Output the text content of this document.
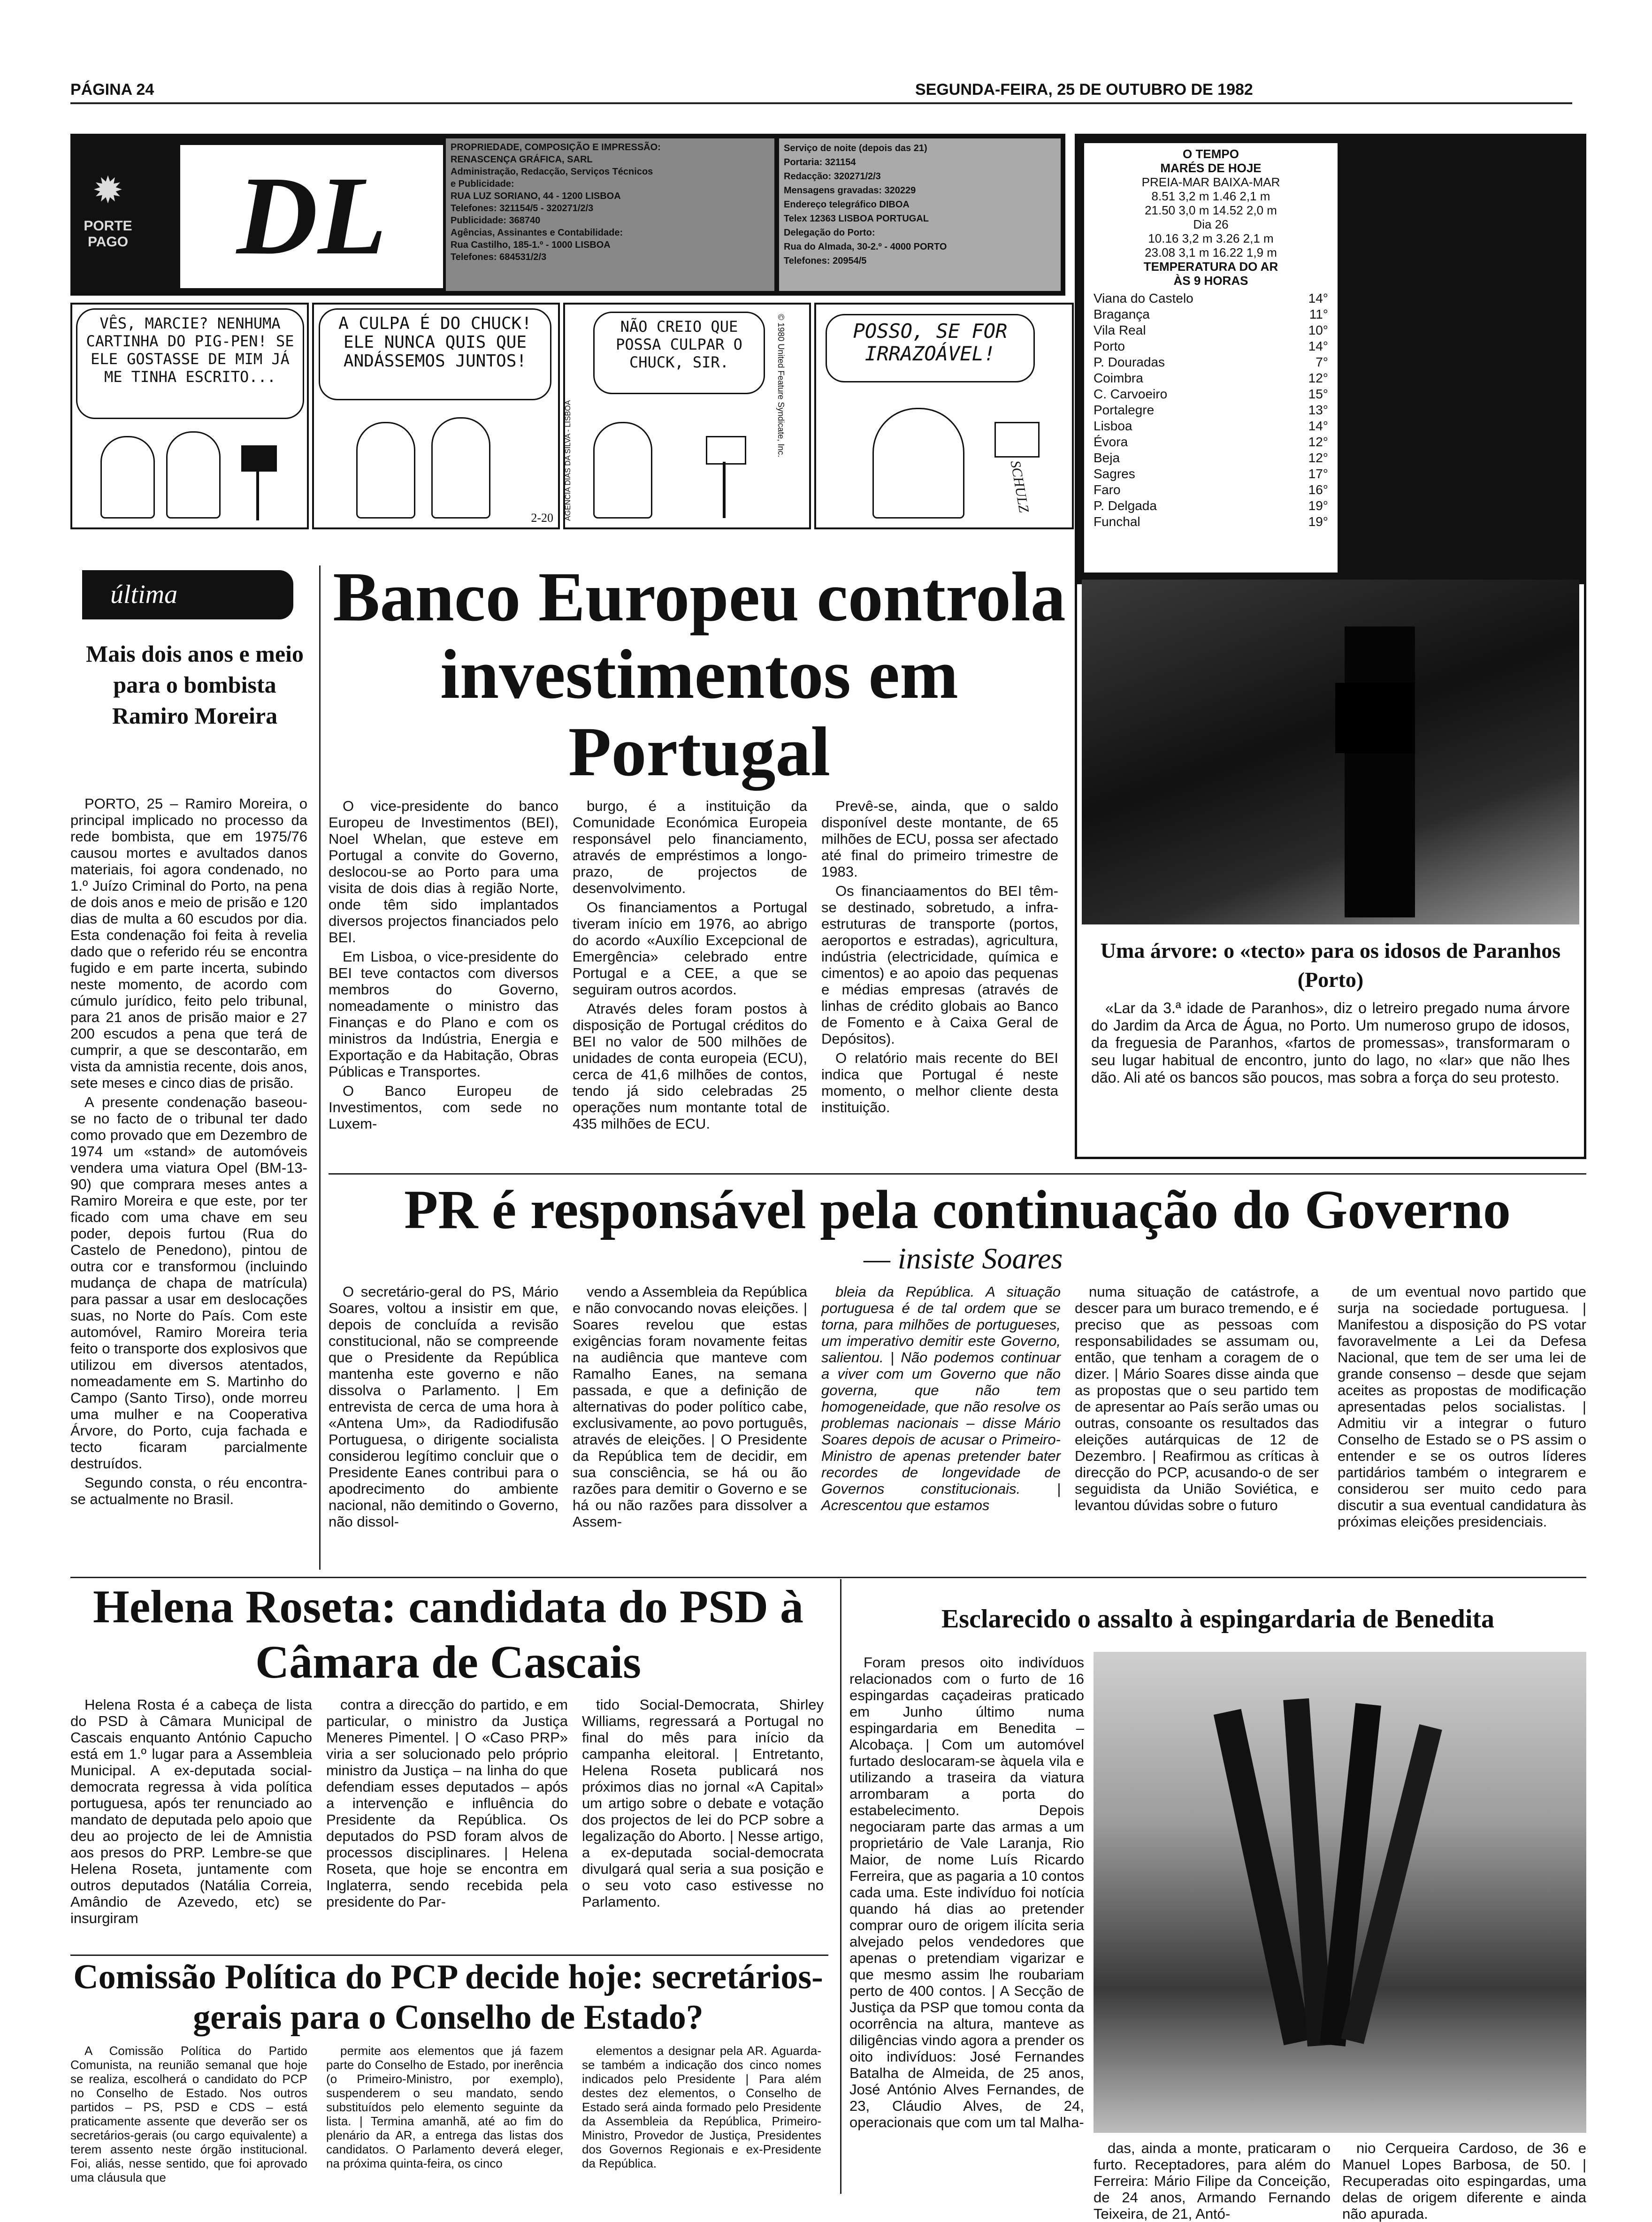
PÁGINA 24	SEGUNDA-FEIRA, 25 DE OUTUBRO DE 1982
✹
PORTE PAGO DL
PROPRIEDADE, COMPOSIÇÃO E IMPRESSÃO:
RENASCENÇA GRÁFICA, SARL
Administração, Redacção, Serviços Técnicos
e Publicidade:
RUA LUZ SORIANO, 44 - 1200 LISBOA
Telefones: 321154/5 - 320271/2/3
Publicidade: 368740
Agências, Assinantes e Contabilidade:
Rua Castilho, 185-1.º - 1000 LISBOA
Telefones: 684531/2/3
Serviço de noite (depois das 21)
Portaria: 321154
Redacção: 320271/2/3
Mensagens gravadas: 320229
Endereço telegráfico DIBOA
Telex 12363 LISBOA PORTUGAL
Delegação do Porto:
Rua do Almada, 30-2.º - 4000 PORTO
Telefones: 20954/5
VÊS, MARCIE? NENHUMA CARTINHA DO PIG-PEN! SE ELE GOSTASSE DE MIM JÁ ME TINHA ESCRITO...
A CULPA É DO CHUCK! ELE NUNCA QUIS QUE ANDÁSSEMOS JUNTOS!
2-20
NÃO CREIO QUE POSSA CULPAR O CHUCK, SIR.	© 1980 United Feature Syndicate, Inc.
AGÊNCIA DIAS DA SILVA - LISBOA
POSSO, SE FOR IRRAZOÁVEL!
SCHULZ
O TEMPO
MARÉS DE HOJE
PREIA-MAR BAIXA-MAR
8.51 3,2 m 1.46 2,1 m
21.50 3,0 m 14.52 2,0 m
Dia 26
10.16 3,2 m 3.26 2,1 m
23.08 3,1 m 16.22 1,9 m
TEMPERATURA DO AR
ÀS 9 HORAS
Viana do Castelo	14°
Bragança	11°
Vila Real	10°
Porto	14°
P. Douradas	7°
Coimbra	12°
C. Carvoeiro	15°
Portalegre	13°
Lisboa	14°
Évora	12°
Beja	12°
Sagres	17°
Faro	16°
P. Delgada	19°
Funchal	19°
última
Mais dois anos e meio para o bombista Ramiro Moreira

PORTO, 25 – Ramiro Moreira, o principal implicado no processo da rede bombista, que em 1975/76 causou mortes e avultados danos materiais, foi agora condenado, no 1.º Juízo Criminal do Porto, na pena de dois anos e meio de prisão e 120 dias de multa a 60 escudos por dia. Esta condenação foi feita à revelia dado que o referido réu se encontra fugido e em parte incerta, subindo neste momento, de acordo com cúmulo jurídico, feito pelo tribunal, para 21 anos de prisão maior e 27 200 escudos a pena que terá de cumprir, a que se descontarão, em vista da amnistia recente, dois anos, sete meses e cinco dias de prisão.

A presente condenação baseou-se no facto de o tribunal ter dado como provado que em Dezembro de 1974 um «stand» de automóveis vendera uma viatura Opel (BM-13-90) que comprara meses antes a Ramiro Moreira e que este, por ter ficado com uma chave em seu poder, depois furtou (Rua do Castelo de Penedono), pintou de outra cor e transformou (incluindo mudança de chapa de matrícula) para passar a usar em deslocações suas, no Norte do País. Com este automóvel, Ramiro Moreira teria feito o transporte dos explosivos que utilizou em diversos atentados, nomeadamente em S. Martinho do Campo (Santo Tirso), onde morreu uma mulher e na Cooperativa Árvore, do Porto, cuja fachada e tecto ficaram parcialmente destruídos.

Segundo consta, o réu encontra-se actualmente no Brasil.

Banco Europeu controla investimentos em Portugal

O vice-presidente do banco Europeu de Investimentos (BEI), Noel Whelan, que esteve em Portugal a convite do Governo, deslocou-se ao Porto para uma visita de dois dias à região Norte, onde têm sido implantados diversos projectos financiados pelo BEI.

Em Lisboa, o vice-presidente do BEI teve contactos com diversos membros do Governo, nomeadamente o ministro das Finanças e do Plano e com os ministros da Indústria, Energia e Exportação e da Habitação, Obras Públicas e Transportes.

O Banco Europeu de Investimentos, com sede no Luxem-

burgo, é a instituição da Comunidade Económica Europeia responsável pelo financiamento, através de empréstimos a longo-prazo, de projectos de desenvolvimento.

Os financiamentos a Portugal tiveram início em 1976, ao abrigo do acordo «Auxílio Excepcional de Emergência» celebrado entre Portugal e a CEE, a que se seguiram outros acordos.

Através deles foram postos à disposição de Portugal créditos do BEI no valor de 500 milhões de unidades de conta europeia (ECU), cerca de 41,6 milhões de contos, tendo já sido celebradas 25 operações num montante total de 435 milhões de ECU.

Prevê-se, ainda, que o saldo disponível deste montante, de 65 milhões de ECU, possa ser afectado até final do primeiro trimestre de 1983.

Os financiaamentos do BEI têm-se destinado, sobretudo, a infra-estruturas de transporte (portos, aeroportos e estradas), agricultura, indústria (electricidade, química e cimentos) e ao apoio das pequenas e médias empresas (através de linhas de crédito globais ao Banco de Fomento e à Caixa Geral de Depósitos).

O relatório mais recente do BEI indica que Portugal é neste momento, o melhor cliente desta instituição.

Uma árvore: o «tecto» para os idosos de Paranhos (Porto)

«Lar da 3.ª idade de Paranhos», diz o letreiro pregado numa árvore do Jardim da Arca de Água, no Porto. Um numeroso grupo de idosos, da freguesia de Paranhos, «fartos de promessas», transformaram o seu lugar habitual de encontro, junto do lago, no «lar» que não lhes dão. Ali até os bancos são poucos, mas sobra a força do seu protesto.

PR é responsável pela continuação do Governo
— insiste Soares

O secretário-geral do PS, Mário Soares, voltou a insistir em que, depois de concluída a revisão constitucional, não se compreende que o Presidente da República mantenha este governo e não dissolva o Parlamento. | Em entrevista de cerca de uma hora à «Antena Um», da Radiodifusão Portuguesa, o dirigente socialista considerou legítimo concluir que o Presidente Eanes contribui para o apodrecimento do ambiente nacional, não demitindo o Governo, não dissol-

vendo a Assembleia da República e não convocando novas eleições. | Soares revelou que estas exigências foram novamente feitas na audiência que manteve com Ramalho Eanes, na semana passada, e que a definição de alternativas do poder político cabe, exclusivamente, ao povo português, através de eleições. | O Presidente da República tem de decidir, em sua consciência, se há ou ão razões para demitir o Governo e se há ou não razões para dissolver a Assem-

bleia da República. A situação portuguesa é de tal ordem que se torna, para milhões de portugueses, um imperativo demitir este Governo, salientou. | Não podemos continuar a viver com um Governo que não governa, que não tem homogeneidade, que não resolve os problemas nacionais – disse Mário Soares depois de acusar o Primeiro-Ministro de apenas pretender bater recordes de longevidade de Governos constitucionais. | Acrescentou que estamos

numa situação de catástrofe, a descer para um buraco tremendo, e é preciso que as pessoas com responsabilidades se assumam ou, então, que tenham a coragem de o dizer. | Mário Soares disse ainda que as propostas que o seu partido tem de apresentar ao País serão umas ou outras, consoante os resultados das eleições autárquicas de 12 de Dezembro. | Reafirmou as críticas à direcção do PCP, acusando-o de ser seguidista da União Soviética, e levantou dúvidas sobre o futuro

de um eventual novo partido que surja na sociedade portuguesa. | Manifestou a disposição do PS votar favoravelmente a Lei da Defesa Nacional, que tem de ser uma lei de grande consenso – desde que sejam aceites as propostas de modificação apresentadas pelos socialistas. | Admitiu vir a integrar o futuro Conselho de Estado se o PS assim o entender e se os outros líderes partidários também o integrarem e considerou ser muito cedo para discutir a sua eventual candidatura às próximas eleições presidenciais.

Helena Roseta: candidata do PSD à Câmara de Cascais

Helena Rosta é a cabeça de lista do PSD à Câmara Municipal de Cascais enquanto António Capucho está em 1.º lugar para a Assembleia Municipal. A ex-deputada social-democrata regressa à vida política portuguesa, após ter renunciado ao mandato de deputada pelo apoio que deu ao projecto de lei de Amnistia aos presos do PRP. Lembre-se que Helena Roseta, juntamente com outros deputados (Natália Correia, Amândio de Azevedo, etc) se insurgiram

contra a direcção do partido, e em particular, o ministro da Justiça Meneres Pimentel. | O «Caso PRP» viria a ser solucionado pelo próprio ministro da Justiça – na linha do que defendiam esses deputados – após a intervenção e influência do Presidente da República. Os deputados do PSD foram alvos de processos disciplinares. | Helena Roseta, que hoje se encontra em Inglaterra, sendo recebida pela presidente do Par-

tido Social-Democrata, Shirley Williams, regressará a Portugal no final do mês para início da campanha eleitoral. | Entretanto, Helena Roseta publicará nos próximos dias no jornal «A Capital» um artigo sobre o debate e votação dos projectos de lei do PCP sobre a legalização do Aborto. | Nesse artigo, a ex-deputada social-democrata divulgará qual seria a sua posição e o seu voto caso estivesse no Parlamento.

Comissão Política do PCP decide hoje: secretários-gerais para o Conselho de Estado?

A Comissão Política do Partido Comunista, na reunião semanal que hoje se realiza, escolherá o candidato do PCP no Conselho de Estado. Nos outros partidos – PS, PSD e CDS – está praticamente assente que deverão ser os secretários-gerais (ou cargo equivalente) a terem assento neste órgão institucional. Foi, aliás, nesse sentido, que foi aprovado uma cláusula que

permite aos elementos que já fazem parte do Conselho de Estado, por inerência (o Primeiro-Ministro, por exemplo), suspenderem o seu mandato, sendo substituídos pelo elemento seguinte da lista. | Termina amanhã, até ao fim do plenário da AR, a entrega das listas dos candidatos. O Parlamento deverá eleger, na próxima quinta-feira, os cinco

elementos a designar pela AR. Aguarda-se também a indicação dos cinco nomes indicados pelo Presidente | Para além destes dez elementos, o Conselho de Estado será ainda formado pelo Presidente da Assembleia da República, Primeiro-Ministro, Provedor de Justiça, Presidentes dos Governos Regionais e ex-Presidente da República.

Esclarecido o assalto à espingardaria de Benedita

Foram presos oito indivíduos relacionados com o furto de 16 espingardas caçadeiras praticado em Junho último numa espingardaria em Benedita – Alcobaça. | Com um automóvel furtado deslocaram-se àquela vila e utilizando a traseira da viatura arrombaram a porta do estabelecimento. Depois negociaram parte das armas a um proprietário de Vale Laranja, Rio Maior, de nome Luís Ricardo Ferreira, que as pagaria a 10 contos cada uma. Este indivíduo foi notícia quando há dias ao pretender comprar ouro de origem ilícita seria alvejado pelos vendedores que apenas o pretendiam vigarizar e que mesmo assim lhe roubariam perto de 400 contos. | A Secção de Justiça da PSP que tomou conta da ocorrência na altura, manteve as diligências vindo agora a prender os oito indivíduos: José Fernandes Batalha de Almeida, de 25 anos, José António Alves Fernandes, de 23, Cláudio Alves, de 24, operacionais que com um tal Malha-

das, ainda a monte, praticaram o furto. Receptadores, para além do Ferreira: Mário Filipe da Conceição, de 24 anos, Armando Fernando Teixeira, de 21, Antó-

nio Cerqueira Cardoso, de 36 e Manuel Lopes Barbosa, de 50. | Recuperadas oito espingardas, uma delas de origem diferente e ainda não apurada.
